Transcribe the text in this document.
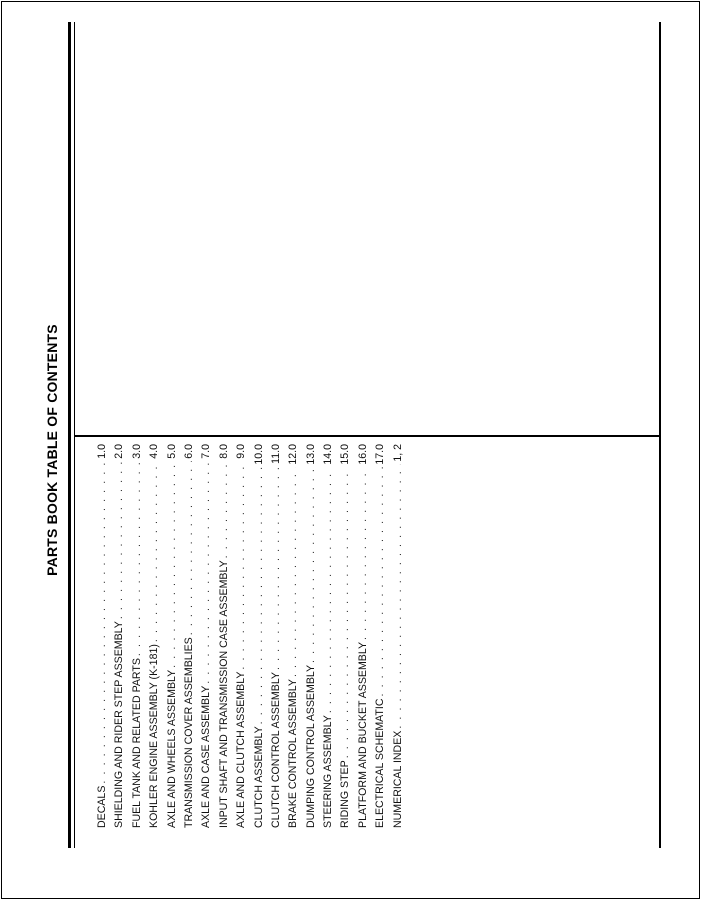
PARTS BOOK TABLE OF CONTENTS
DECALS
. . .
1.0
SHIELDING AND RIDER STEP ASSEMBLY
. . .
2.0
FUEL TANK AND RELATED PARTS
. . .
3.0
KOHLER ENGINE ASSEMBLY (K-181)
. . .
4.0
AXLE AND WHEELS ASSEMBLY
. . .
5.0
TRANSMISSION COVER ASSEMBLIES
. . .
6.0
AXLE AND CASE ASSEMBLY
. . .
7.0
INPUT SHAFT AND TRANSMISSION CASE ASSEMBLY
. . .
8.0
AXLE AND CLUTCH ASSEMBLY
. . .
9.0
CLUTCH ASSEMBLY
. . .
10.0
CLUTCH CONTROL ASSEMBLY
. . .
11.0
BRAKE CONTROL ASSEMBLY
. . .
12.0
DUMPING CONTROL ASSEMBLY
. . .
13.0
STEERING ASSEMBLY
. . .
14.0
RIDING STEP
. . .
15.0
PLATFORM AND BUCKET ASSEMBLY
. . .
16.0
ELECTRICAL SCHEMATIC
. . .
17.0
NUMERICAL INDEX
. . .
1, 2
